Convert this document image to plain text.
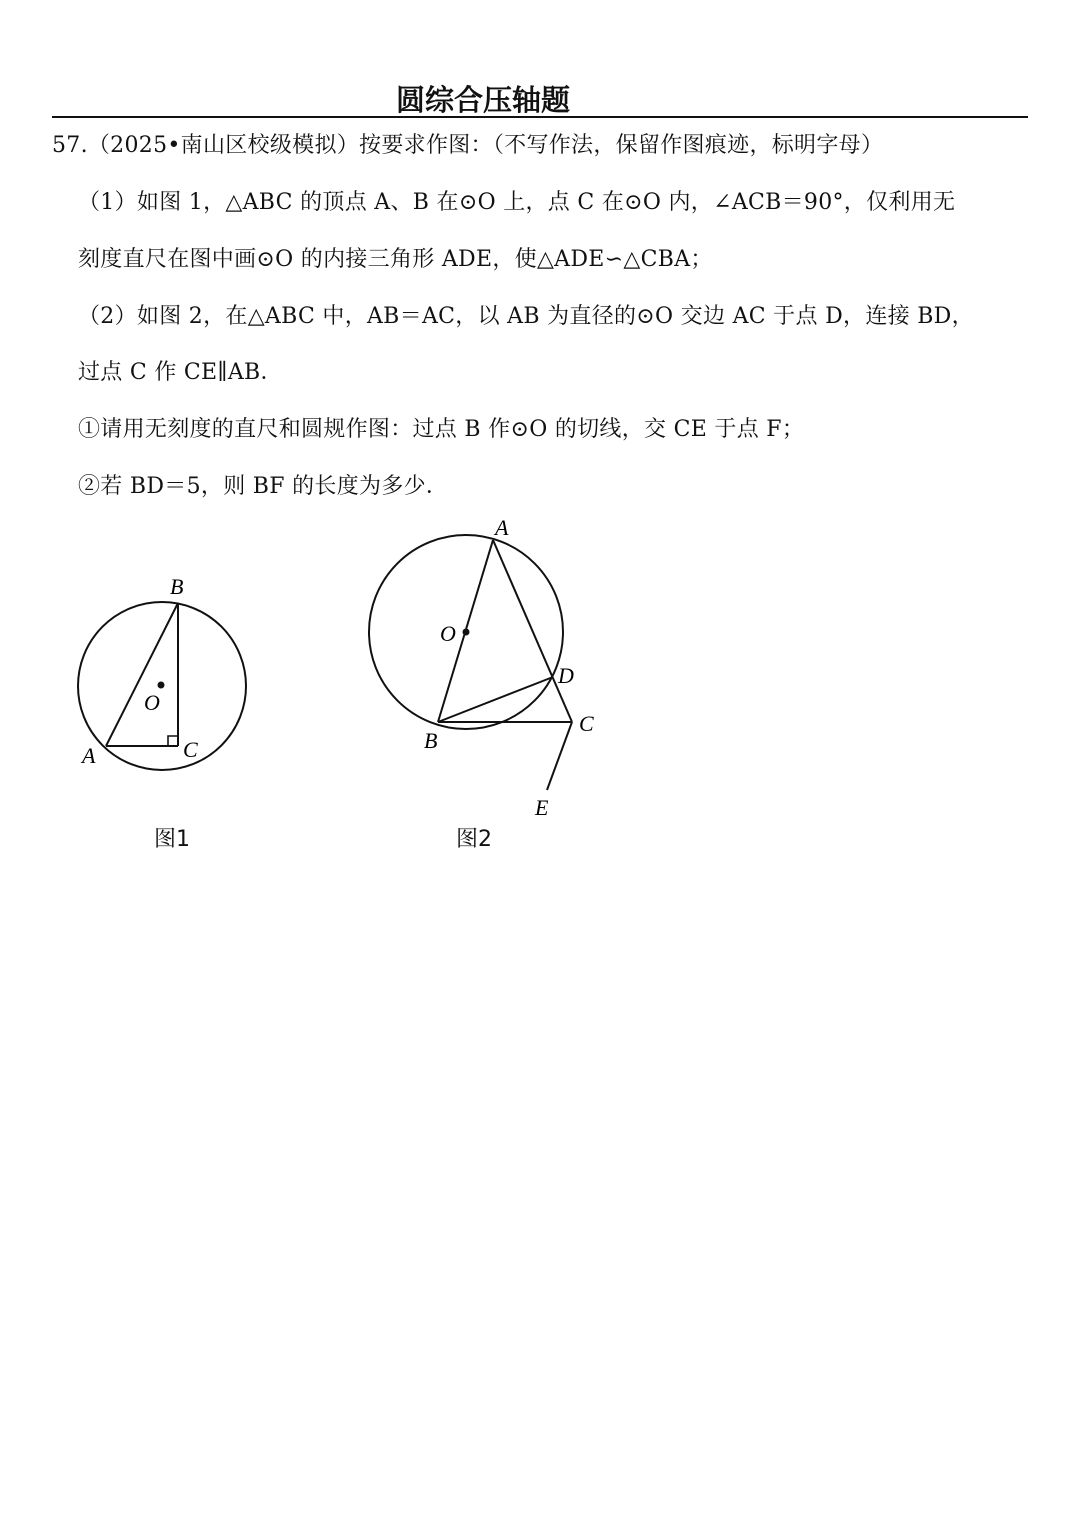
圆综合压轴题
57.（2025•南山区校级模拟）按要求作图：（不写作法，保留作图痕迹，标明字母）
（1）如图 1，△ABC 的顶点 A、B 在⊙O 上，点 C 在⊙O 内，∠ACB＝90°，仅利用无
刻度直尺在图中画⊙O 的内接三角形 ADE，使△ADE∽△CBA；
（2）如图 2，在△ABC 中，AB＝AC，以 AB 为直径的⊙O 交边 AC 于点 D，连接 BD，
过点 C 作 CE∥AB．
①请用无刻度的直尺和圆规作图：过点 B 作⊙O 的切线，交 CE 于点 F；
②若 BD＝5，则 BF 的长度为多少．
B
O
A	C
A
O
D
C
B
E
图1	图2
